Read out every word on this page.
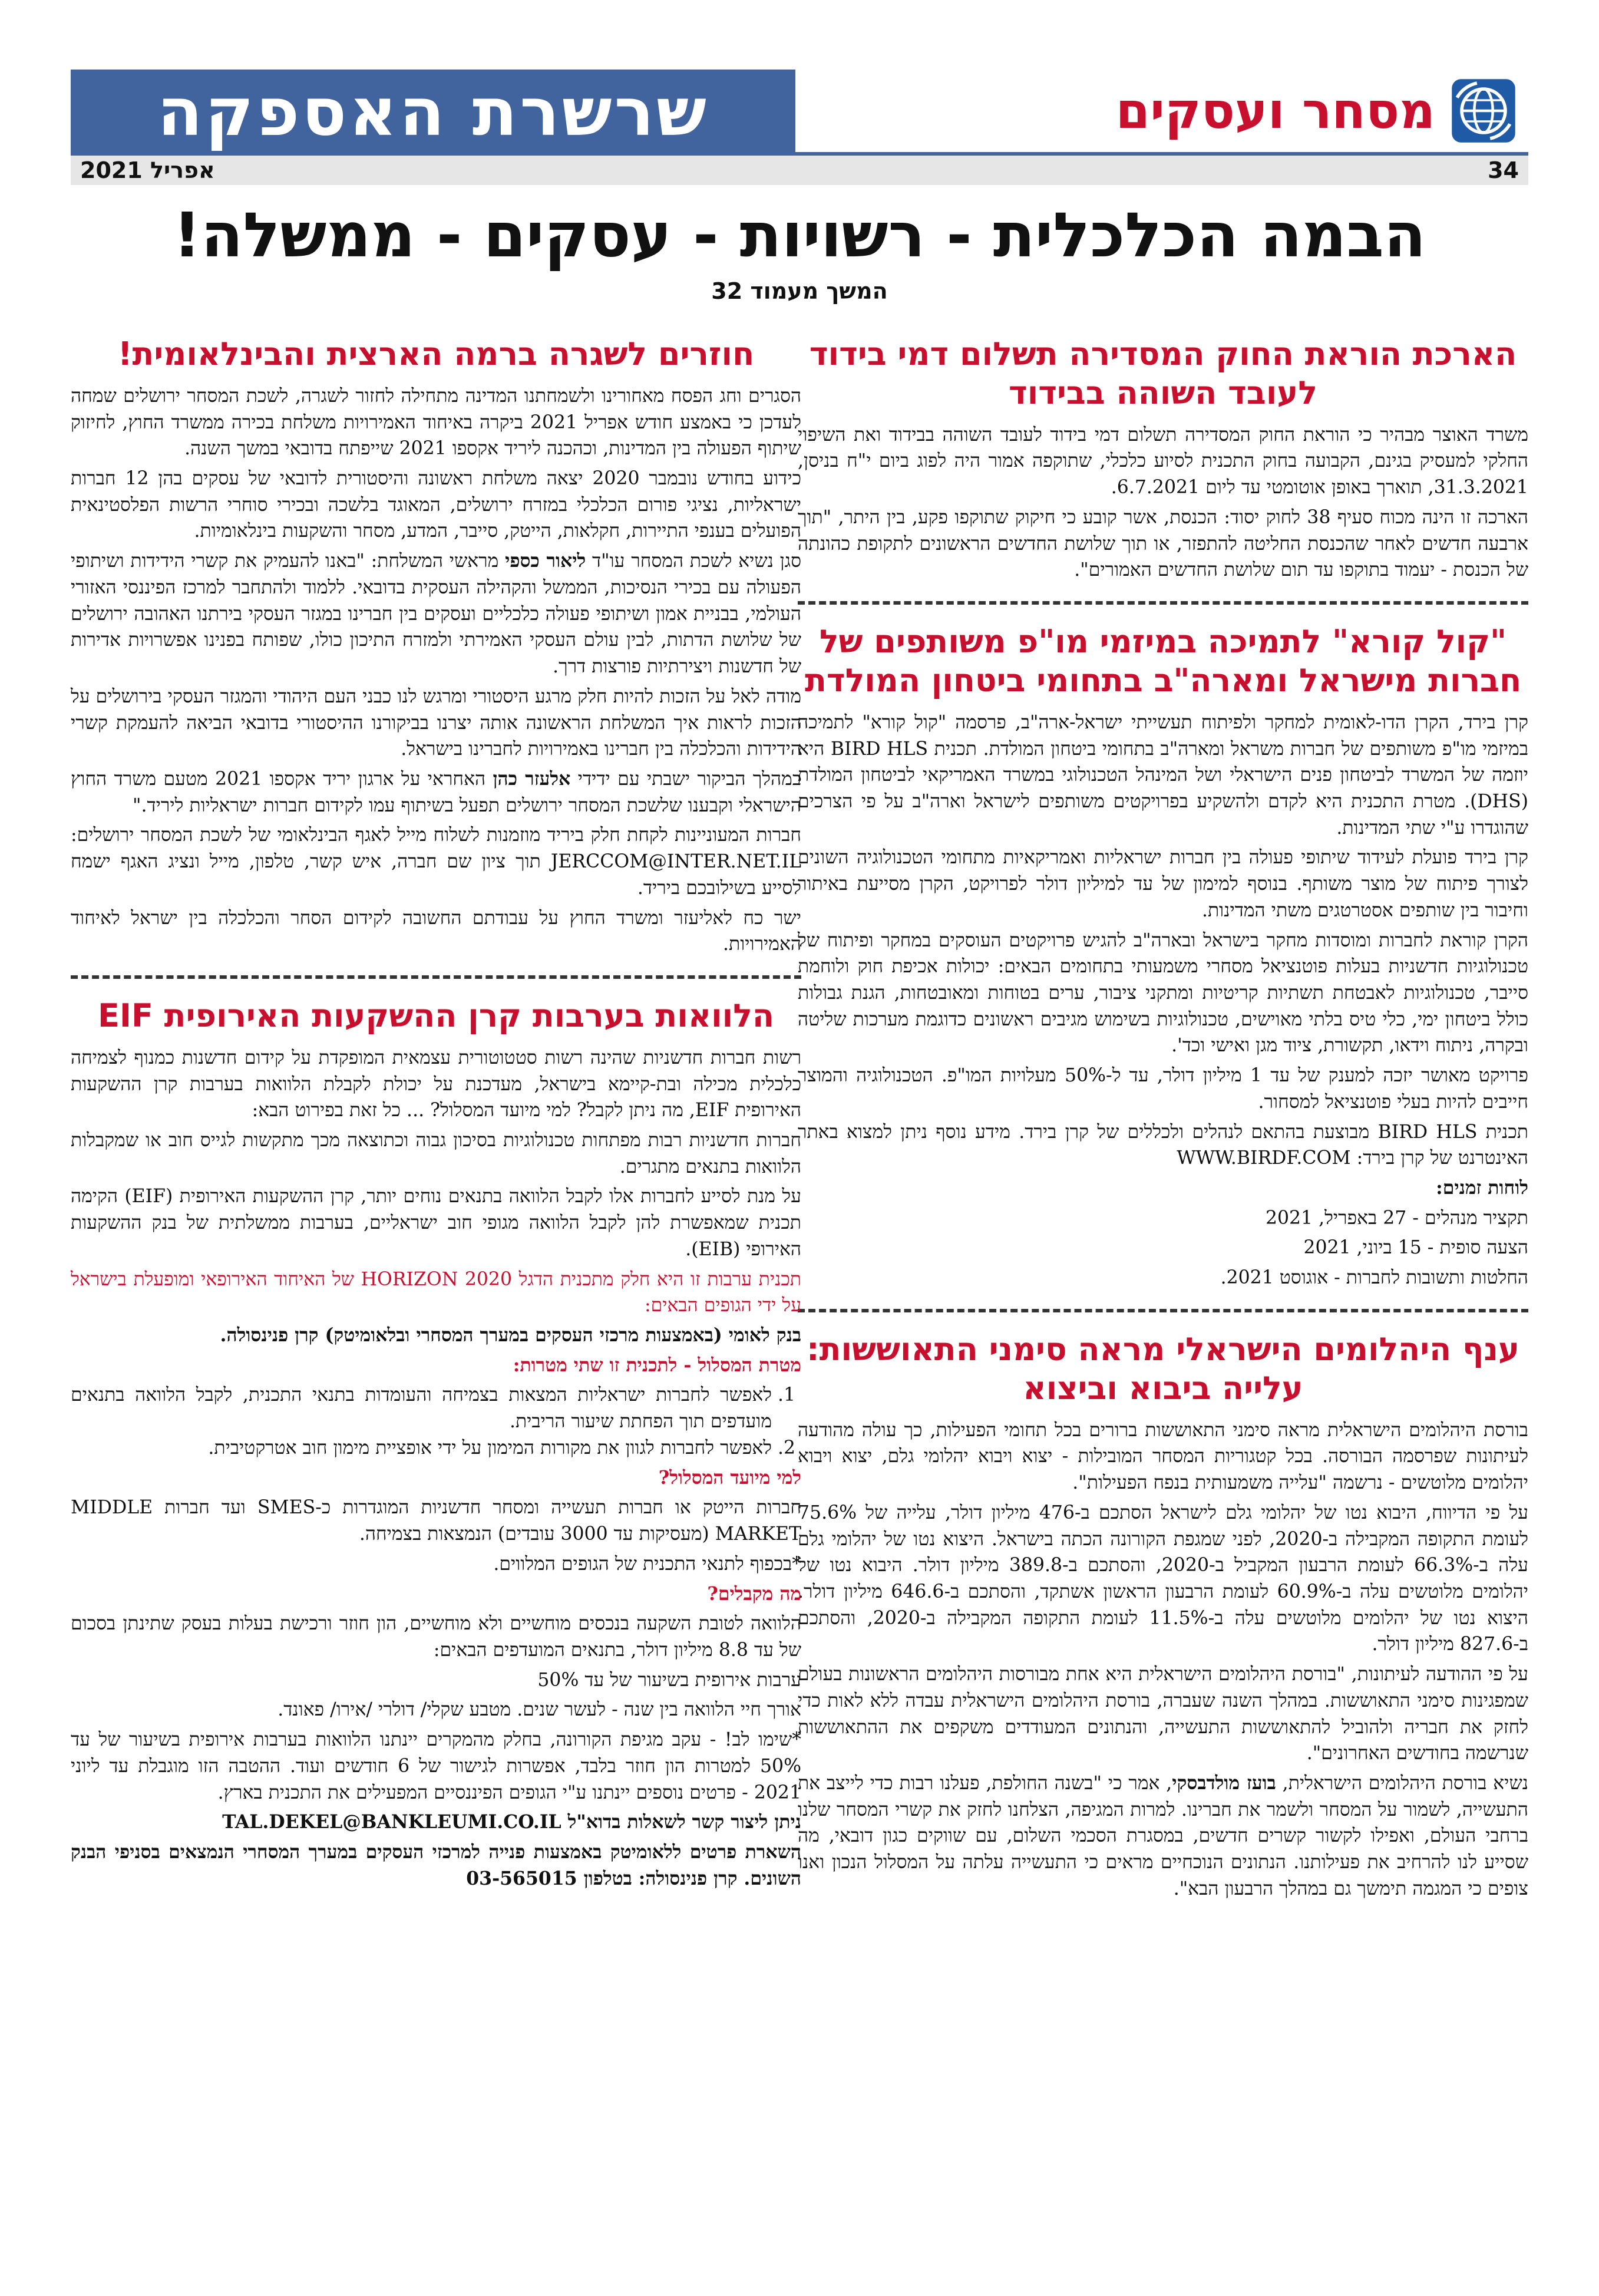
שרשרת האספקה	מסחר ועסקים
אפריל 2021	34
הבמה הכלכלית - רשויות - עסקים - ממשלה!
המשך מעמוד 32
הארכת הוראת החוק המסדירה תשלום דמי בידוד לעובד השוהה בבידוד

משרד האוצר מבהיר כי הוראת החוק המסדירה תשלום דמי בידוד לעובד השוהה בבידוד ואת השיפוי החלקי למעסיק בגינם, הקבועה בחוק התכנית לסיוע כלכלי, שתוקפה אמור היה לפוג ביום י"ח בניסן, 31.3.2021, תוארך באופן אוטומטי עד ליום 6.7.2021.

הארכה זו הינה מכוח סעיף 38 לחוק יסוד: הכנסת, אשר קובע כי חיקוק שתוקפו פקע, בין היתר, "תוך ארבעה חדשים לאחר שהכנסת החליטה להתפזר, או תוך שלושת החדשים הראשונים לתקופת כהונתה של הכנסת - יעמוד בתוקפו עד תום שלושת החדשים האמורים".

"קול קורא" לתמיכה במיזמי מו"פ משותפים של חברות מישראל ומארה"ב בתחומי ביטחון המולדת

קרן בירד, הקרן הדו-לאומית למחקר ולפיתוח תעשייתי ישראל-ארה"ב, פרסמה "קול קורא" לתמיכה במיזמי מו"פ משותפים של חברות משראל ומארה"ב בתחומי ביטחון המולדת. תכנית BIRD HLS היא יוזמה של המשרד לביטחון פנים הישראלי ושל המינהל הטכנולוגי במשרד האמריקאי לביטחון המולדת (DHS). מטרת התכנית היא לקדם ולהשקיע בפרויקטים משותפים לישראל וארה"ב על פי הצרכים שהוגדרו ע"י שתי המדינות.

קרן בירד פועלת לעידוד שיתופי פעולה בין חברות ישראליות ואמריקאיות מתחומי הטכנולוגיה השונים לצורך פיתוח של מוצר משותף. בנוסף למימון של עד למיליון דולר לפרויקט, הקרן מסייעת באיתור וחיבור בין שותפים אסטרטגים משתי המדינות.

הקרן קוראת לחברות ומוסדות מחקר בישראל ובארה"ב להגיש פרויקטים העוסקים במחקר ופיתוח של טכנולוגיות חדשניות בעלות פוטנציאל מסחרי משמעותי בתחומים הבאים: יכולות אכיפת חוק ולוחמת סייבר, טכנולוגיות לאבטחת תשתיות קריטיות ומתקני ציבור, ערים בטוחות ומאובטחות, הגנת גבולות כולל ביטחון ימי, כלי טיס בלתי מאוישים, טכנולוגיות בשימוש מגיבים ראשונים כדוגמת מערכות שליטה ובקרה, ניתוח וידאו, תקשורת, ציוד מגן ואישי וכד'.

פרויקט מאושר יזכה למענק של עד 1 מיליון דולר, עד ל-50% מעלויות המו"פ. הטכנולוגיה והמוצר חייבים להיות בעלי פוטנציאל למסחור.

תכנית BIRD HLS מבוצעת בהתאם לנהלים ולכללים של קרן בירד. מידע נוסף ניתן למצוא באתר האינטרנט של קרן בירד: WWW.BIRDF.COM

לוחות זמנים:

תקציר מנהלים - 27 באפריל, 2021

הצעה סופית - 15 ביוני, 2021

החלטות ותשובות לחברות - אוגוסט 2021.

ענף היהלומים הישראלי מראה סימני התאוששות: עלייה ביבוא וביצוא

בורסת היהלומים הישראלית מראה סימני התאוששות ברורים בכל תחומי הפעילות, כך עולה מהודעה לעיתונות שפרסמה הבורסה. בכל קטגוריות המסחר המובילות - יצוא ויבוא יהלומי גלם, יצוא ויבוא יהלומים מלוטשים - נרשמה "עלייה משמעותית בנפח הפעילות".

על פי הדיווח, היבוא נטו של יהלומי גלם לישראל הסתכם ב-476 מיליון דולר, עלייה של 75.6% לעומת התקופה המקבילה ב-2020, לפני שמגפת הקורונה הכתה בישראל. היצוא נטו של יהלומי גלם עלה ב-66.3% לעומת הרבעון המקביל ב-2020, והסתכם ב-389.8 מיליון דולר. היבוא נטו של יהלומים מלוטשים עלה ב-60.9% לעומת הרבעון הראשון אשתקד, והסתכם ב-646.6 מיליון דולר. היצוא נטו של יהלומים מלוטשים עלה ב-11.5% לעומת התקופה המקבילה ב-2020, והסתכם ב-827.6 מיליון דולר.

על פי ההודעה לעיתונות, "בורסת היהלומים הישראלית היא אחת מבורסות היהלומים הראשונות בעולם שמפגינות סימני התאוששות. במהלך השנה שעברה, בורסת היהלומים הישראלית עבדה ללא לאות כדי לחזק את חבריה ולהוביל להתאוששות התעשייה, והנתונים המעודדים משקפים את ההתאוששות שנרשמה בחודשים האחרונים".

נשיא בורסת היהלומים הישראלית, בועז מולדבסקי, אמר כי "בשנה החולפת, פעלנו רבות כדי לייצב את התעשייה, לשמור על המסחר ולשמר את חברינו. למרות המגיפה, הצלחנו לחזק את קשרי המסחר שלנו ברחבי העולם, ואפילו לקשור קשרים חדשים, במסגרת הסכמי השלום, עם שווקים כגון דובאי, מה שסייע לנו להרחיב את פעילותנו. הנתונים הנוכחיים מראים כי התעשייה עלתה על המסלול הנכון ואנו צופים כי המגמה תימשך גם במהלך הרבעון הבא".

חוזרים לשגרה ברמה הארצית והבינלאומית!

הסגרים וחג הפסח מאחורינו ולשמחתנו המדינה מתחילה לחזור לשגרה, לשכת המסחר ירושלים שמחה לעדכן כי באמצע חודש אפריל 2021 ביקרה באיחוד האמירויות משלחת בכירה ממשרד החוץ, לחיזוק שיתוף הפעולה בין המדינות, וכהכנה ליריד אקספו 2021 שייפתח בדובאי במשך השנה.

כידוע בחודש נובמבר 2020 יצאה משלחת ראשונה והיסטורית לדובאי של עסקים בהן 12 חברות ישראליות, נציגי פורום הכלכלי במזרח ירושלים, המאוגד בלשכה ובכירי סוחרי הרשות הפלסטינאית הפועלים בענפי התיירות, חקלאות, הייטק, סייבר, המדע, מסחר והשקעות בינלאומיות.

סגן נשיא לשכת המסחר עו"ד ליאור כספי מראשי המשלחת: "באנו להעמיק את קשרי הידידות ושיתופי הפעולה עם בכירי הנסיכות, הממשל והקהילה העסקית בדובאי. ללמוד ולהתחבר למרכז הפיננסי האזורי העולמי, בבניית אמון ושיתופי פעולה כלכליים ועסקים בין חברינו במגזר העסקי בירתנו האהובה ירושלים של שלושת הדתות, לבין עולם העסקי האמירתי ולמזרח התיכון כולו, שפותח בפנינו אפשרויות אדירות של חדשנות ויצירתיות פורצות דרך.

מודה לאל על הזכות להיות חלק מרגע היסטורי ומרגש לנו כבני העם היהודי והמגזר העסקי בירושלים על הזכות לראות איך המשלחת הראשונה אותה יצרנו בביקורנו ההיסטורי בדובאי הביאה להעמקת קשרי הידידות והכלכלה בין חברינו באמירויות לחברינו בישראל.

במהלך הביקור ישבתי עם ידידי אלעזר כהן האחראי על ארגון יריד אקספו 2021 מטעם משרד החוץ הישראלי וקבענו שלשכת המסחר ירושלים תפעל בשיתוף עמו לקידום חברות ישראליות ליריד."

חברות המעוניינות לקחת חלק ביריד מוזמנות לשלוח מייל לאגף הבינלאומי של לשכת המסחר ירושלים: JERCCOM@INTER.NET.IL תוך ציון שם חברה, איש קשר, טלפון, מייל ונציג האגף ישמח לסייע בשילובכם ביריד.

ישר כח לאליעזר ומשרד החוץ על עבודתם החשובה לקידום הסחר והכלכלה בין ישראל לאיחוד האמירויות.

הלוואות בערבות קרן ההשקעות האירופית EIF

רשות חברות חדשניות שהינה רשות סטטוטורית עצמאית המופקדת על קידום חדשנות כמנוף לצמיחה כלכלית מכילה ובת-קיימא בישראל, מעדכנת על יכולת לקבלת הלוואות בערבות קרן ההשקעות האירופית EIF, מה ניתן לקבל? למי מיועד המסלול? ... כל זאת בפירוט הבא:

חברות חדשניות רבות מפתחות טכנולוגיות בסיכון גבוה וכתוצאה מכך מתקשות לגייס חוב או שמקבלות הלוואות בתנאים מתגרים.

על מנת לסייע לחברות אלו לקבל הלוואה בתנאים נוחים יותר, קרן ההשקעות האירופית (EIF) הקימה תכנית שמאפשרת להן לקבל הלוואה מגופי חוב ישראליים, בערבות ממשלתית של בנק ההשקעות האירופי (EIB).

תכנית ערבות זו היא חלק מתכנית הדגל HORIZON 2020 של האיחוד האירופאי ומופעלת בישראל על ידי הגופים הבאים:

בנק לאומי (באמצעות מרכזי העסקים במערך המסחרי ובלאומיטק) קרן פנינסולה.

מטרת המסלול - לתכנית זו שתי מטרות:

1. לאפשר לחברות ישראליות המצאות בצמיחה והעומדות בתנאי התכנית, לקבל הלוואה בתנאים מועדפים תוך הפחתת שיעור הריבית.
2. לאפשר לחברות לגוון את מקורות המימון על ידי אופציית מימון חוב אטרקטיבית.

למי מיועד המסלול?

חברות הייטק או חברות תעשייה ומסחר חדשניות המוגדרות כ-SMES ועד חברות MIDDLE MARKET (מעסיקות עד 3000 עובדים) הנמצאות בצמיחה.

*בכפוף לתנאי התכנית של הגופים המלווים.

מה מקבלים?

הלוואה לטובת השקעה בנכסים מוחשיים ולא מוחשיים, הון חוזר ורכישת בעלות בעסק שתינתן בסכום של עד 8.8 מיליון דולר, בתנאים המועדפים הבאים:

ערבות אירופית בשיעור של עד 50%

אורך חיי הלוואה בין שנה - לעשר שנים. מטבע שקלי/ דולרי /אירו/ פאונד.

*שימו לב! - עקב מגיפת הקורונה, בחלק מהמקרים יינתנו הלוואות בערבות אירופית בשיעור של עד 50% למטרות הון חוזר בלבד, אפשרות לגישור של 6 חודשים ועוד. ההטבה הזו מוגבלת עד ליוני 2021 - פרטים נוספים יינתנו ע"י הגופים הפיננסיים המפעילים את התכנית בארץ.

ניתן ליצור קשר לשאלות בדוא"ל TAL.DEKEL@BANKLEUMI.CO.IL

השארת פרטים ללאומיטק באמצעות פנייה למרכזי העסקים במערך המסחרי הנמצאים בסניפי הבנק השונים. קרן פנינסולה: בטלפון 03-565015
